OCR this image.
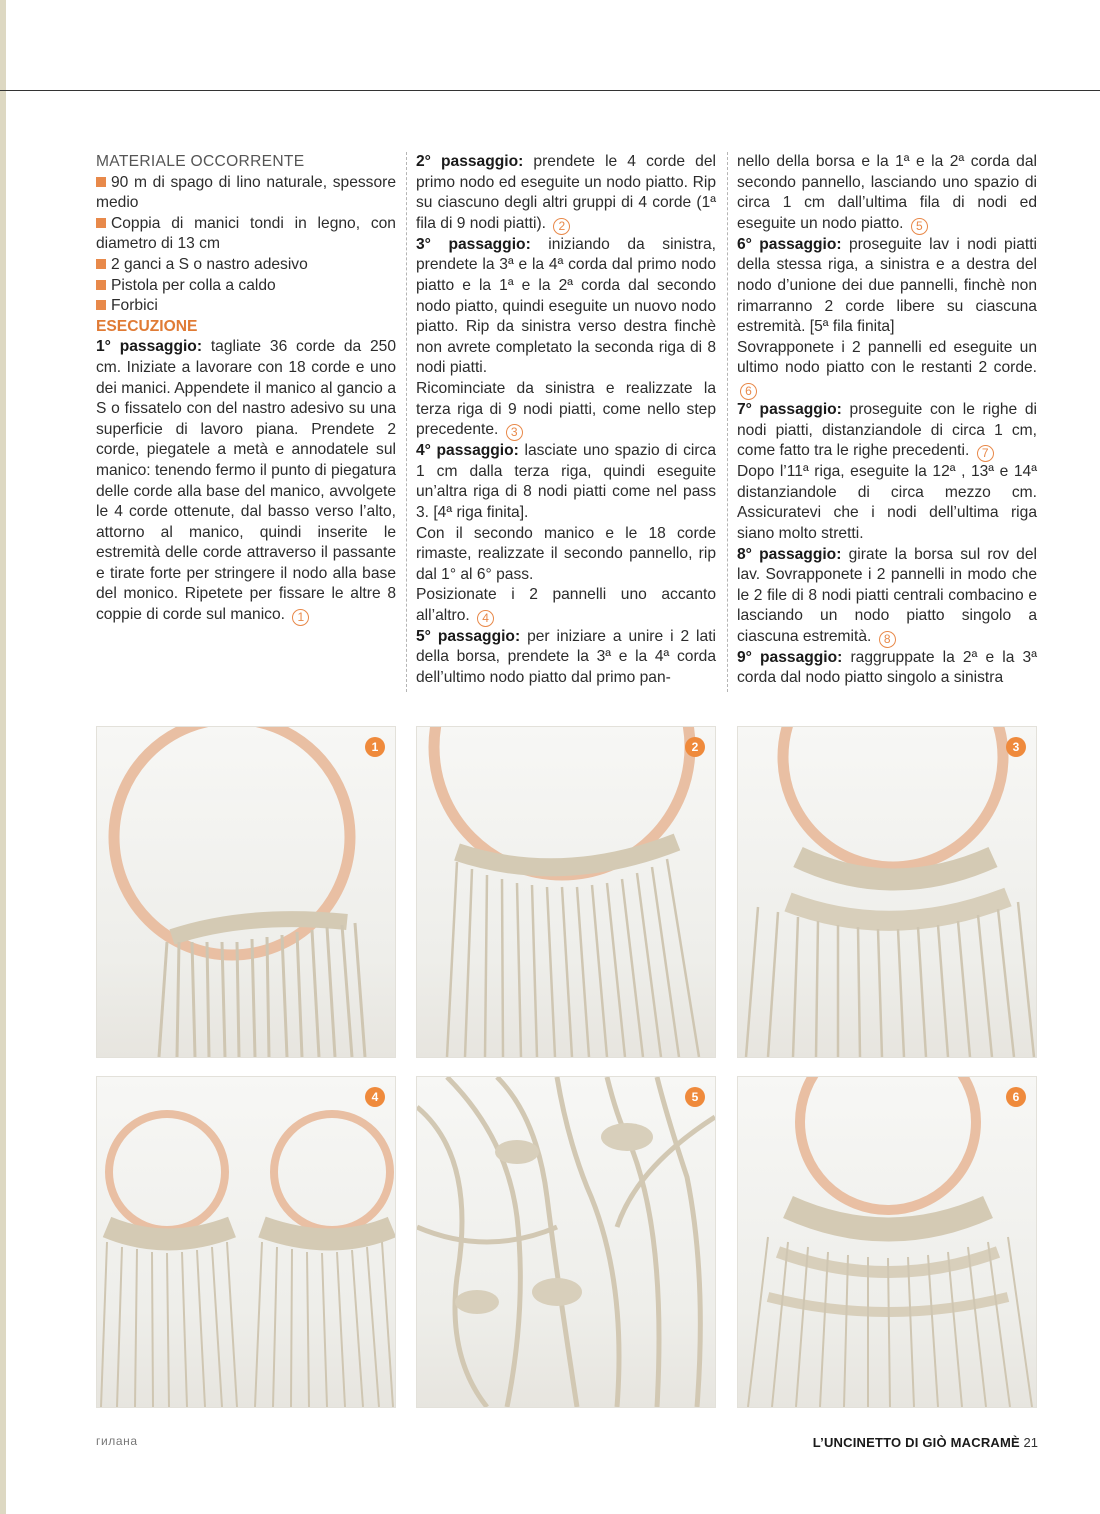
MATERIALE OCCORRENTE

90 m di spago di lino naturale, spessore medio
Coppia di manici tondi in legno, con diametro di 13 cm
2 ganci a S o nastro adesivo
Pistola per colla a caldo
Forbici

ESECUZIONE

1° passaggio: tagliate 36 corde da 250 cm. Iniziate a lavorare con 18 corde e uno dei manici. Appendete il manico al gancio a S o fissatelo con del nastro adesivo su una superficie di lavoro piana. Prendete 2 corde, piegatele a metà e annodatele sul manico: tenendo fermo il punto di piegatura delle corde alla base del manico, avvolgete le 4 corde ottenute, dal basso verso l’alto, attorno al manico, quindi inserite le estremità delle corde attraverso il passante e tirate forte per stringere il nodo alla base del monico. Ripetete per fissare le altre 8 coppie di corde sul manico. 1

2° passaggio: prendete le 4 corde del primo nodo ed eseguite un nodo piatto. Rip su ciascuno degli altri gruppi di 4 corde (1ª fila di 9 nodi piatti). 2

3° passaggio: iniziando da sinistra, prendete la 3ª e la 4ª corda dal primo nodo piatto e la 1ª e la 2ª corda dal secondo nodo piatto, quindi eseguite un nuovo nodo piatto. Rip da sinistra verso destra finchè non avrete completato la seconda riga di 8 nodi piatti.

Ricominciate da sinistra e realizzate la terza riga di 9 nodi piatti, come nello step precedente. 3

4° passaggio: lasciate uno spazio di circa 1 cm dalla terza riga, quindi eseguite un’altra riga di 8 nodi piatti come nel pass 3. [4ª riga finita].

Con il secondo manico e le 18 corde rimaste, realizzate il secondo pannello, rip dal 1° al 6° pass.

Posizionate i 2 pannelli uno accanto all’altro. 4

5° passaggio: per iniziare a unire i 2 lati della borsa, prendete la 3ª e la 4ª corda dell’ultimo nodo piatto dal primo pan-

nello della borsa e la 1ª e la 2ª corda dal secondo pannello, lasciando uno spazio di circa 1 cm dall’ultima fila di nodi ed eseguite un nodo piatto. 5

6° passaggio: proseguite lav i nodi piatti della stessa riga, a sinistra e a destra del nodo d’unione dei due pannelli, finchè non rimarranno 2 corde libere su ciascuna estremità. [5ª fila finita]

Sovrapponete i 2 pannelli ed eseguite un ultimo nodo piatto con le restanti 2 corde. 6

7° passaggio: proseguite con le righe di nodi piatti, distanziandole di circa 1 cm, come fatto tra le righe precedenti. 7

Dopo l’11ª riga, eseguite la 12ª , 13ª e 14ª distanziandole di circa mezzo cm. Assicuratevi che i nodi dell’ultima riga siano molto stretti.

8° passaggio: girate la borsa sul rov del lav. Sovrapponete i 2 pannelli in modo che le 2 file di 8 nodi piatti centrali combacino e lasciando un nodo piatto singolo a ciascuna estremità. 8

9° passaggio: raggruppate la 2ª e la 3ª corda dal nodo piatto singolo a sinistra

1	2	3
4	5	6
гилана	L’UNCINETTO DI GIÒ MACRAMÈ 21
